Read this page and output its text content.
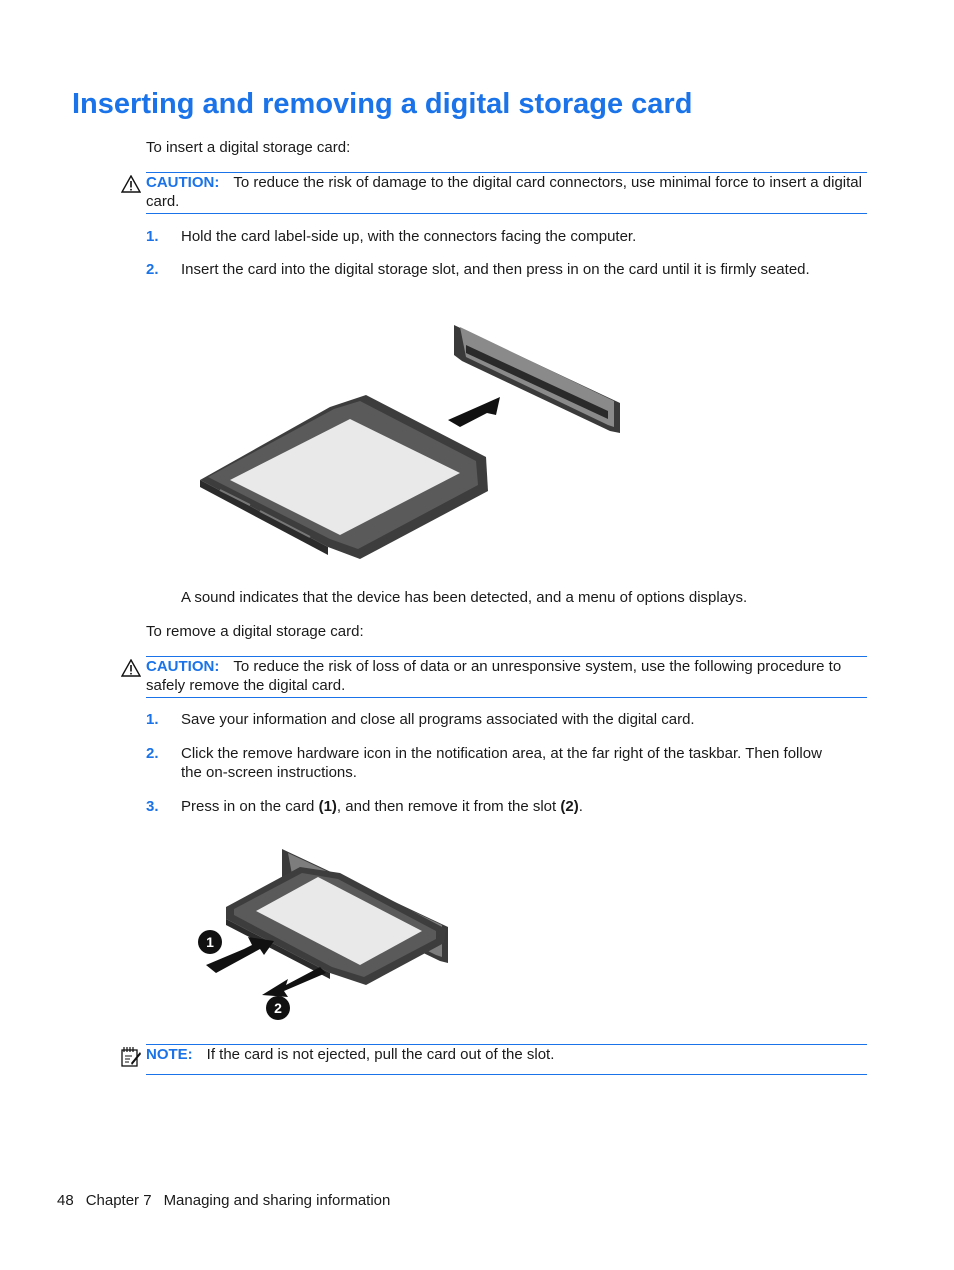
Inserting and removing a digital storage card
To insert a digital storage card:
CAUTION: To reduce the risk of damage to the digital card connectors, use minimal force to insert a digital card.
1. Hold the card label-side up, with the connectors facing the computer.
2. Insert the card into the digital storage slot, and then press in on the card until it is firmly seated.
A sound indicates that the device has been detected, and a menu of options displays.
To remove a digital storage card:
CAUTION: To reduce the risk of loss of data or an unresponsive system, use the following procedure to safely remove the digital card.
1. Save your information and close all programs associated with the digital card.
2. Click the remove hardware icon in the notification area, at the far right of the taskbar. Then follow the on-screen instructions.
3. Press in on the card (1), and then remove it from the slot (2).
1
2
NOTE: If the card is not ejected, pull the card out of the slot.
48 Chapter 7 Managing and sharing information
